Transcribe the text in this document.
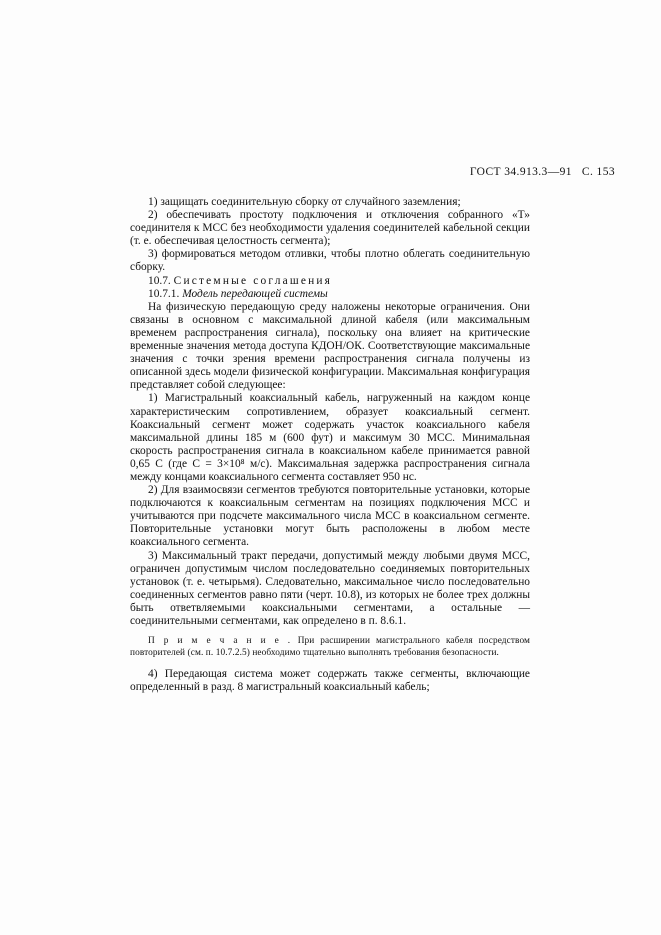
ГОСТ 34.913.3—91 С. 153

1) защищать соединительную сборку от случайного заземления;

2) обеспечивать простоту подключения и отключения собранного «Т» соединителя к МСС без необходимости удаления соединителей кабельной секции (т. е. обеспечивая целостность сегмента);

3) формироваться методом отливки, чтобы плотно облегать соединительную сборку.

10.7. Системные соглашения

10.7.1. Модель передающей системы

На физическую передающую среду наложены некоторые ограничения. Они связаны в основном с максимальной длиной кабеля (или максимальным временем распространения сигнала), поскольку она влияет на критические временные значения метода доступа КДОН/ОК. Соответствующие максимальные значения с точки зрения времени распространения сигнала получены из описанной здесь модели физической конфигурации. Максимальная конфигурация представляет собой следующее:

1) Магистральный коаксиальный кабель, нагруженный на каждом конце характеристическим сопротивлением, образует коаксиальный сегмент. Коаксиальный сегмент может содержать участок коаксиального кабеля максимальной длины 185 м (600 фут) и максимум 30 МСС. Минимальная скорость распространения сигнала в коаксиальном кабеле принимается равной 0,65 C (где C = 3×10⁸ м/с). Максимальная задержка распространения сигнала между концами коаксиального сегмента составляет 950 нс.

2) Для взаимосвязи сегментов требуются повторительные установки, которые подключаются к коаксиальным сегментам на позициях подключения МСС и учитываются при подсчете максимального числа МСС в коаксиальном сегменте. Повторительные установки могут быть расположены в любом месте коаксиального сегмента.

3) Максимальный тракт передачи, допустимый между любыми двумя МСС, ограничен допустимым числом последовательно соединяемых повторительных установок (т. е. четырьмя). Следовательно, максимальное число последовательно соединенных сегментов равно пяти (черт. 10.8), из которых не более трех должны быть ответвляемыми коаксиальными сегментами, а остальные — соединительными сегментами, как определено в п. 8.6.1.

П р и м е ч а н и е . При расширении магистрального кабеля посредством повторителей (см. п. 10.7.2.5) необходимо тщательно выполнять требования безопасности.

4) Передающая система может содержать также сегменты, включающие определенный в разд. 8 магистральный коаксиальный кабель;
